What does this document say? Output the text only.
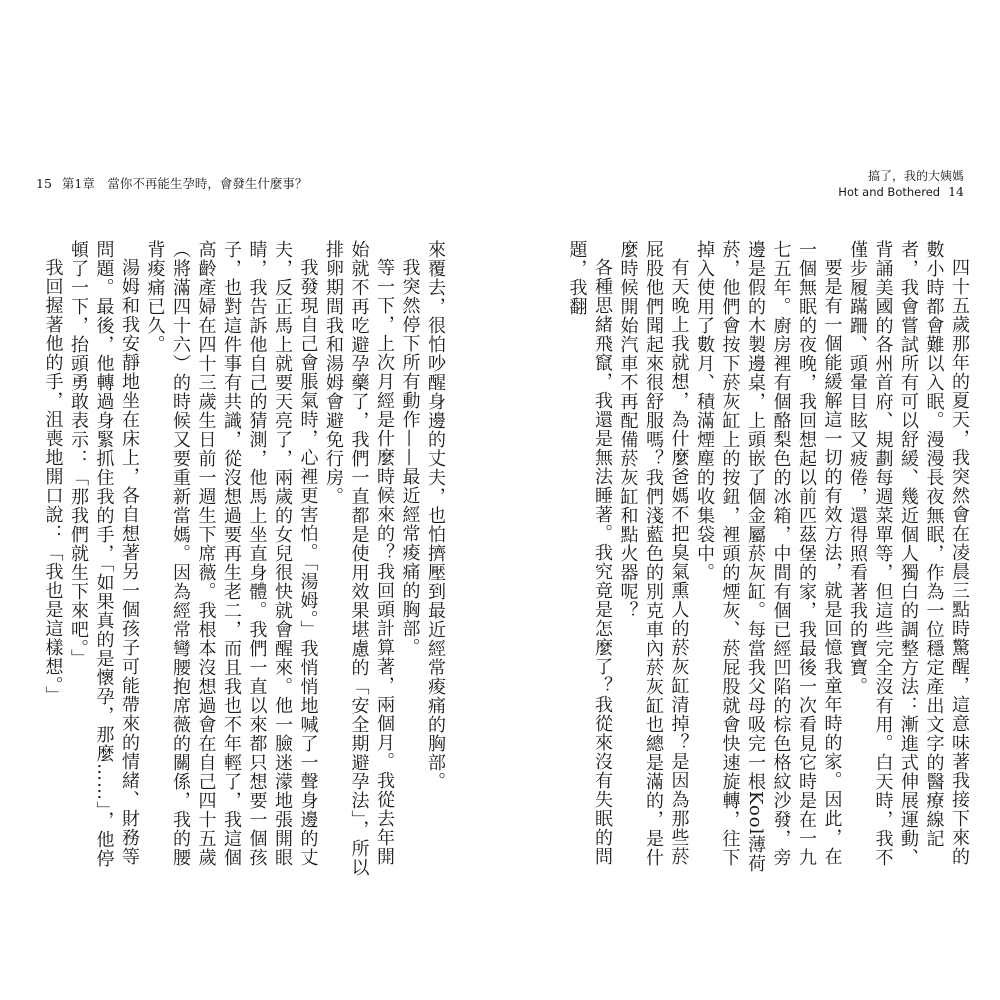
搞了，我的大姨媽
Hot and Bothered 14

四十五歲那年的夏天，我突然會在凌晨三點時驚醒，這意味著我接下來的數小時都會難以入眠。漫漫長夜無眠，作為一位穩定產出文字的醫療線記者，我會嘗試所有可以舒緩、幾近個人獨白的調整方法：漸進式伸展運動、背誦美國的各州首府、規劃每週菜單等，但這些完全沒有用。白天時，我不僅步履蹣跚、頭暈目眩又疲倦，還得照看著我的寶寶。

要是有一個能緩解這一切的有效方法，就是回憶我童年時的家。因此，在一個無眠的夜晚，我回想起以前匹茲堡的家，我最後一次看見它時是在一九七五年。廚房裡有個酪梨色的冰箱，中間有個已經凹陷的棕色格紋沙發，旁邊是假的木製邊桌，上頭嵌了個金屬菸灰缸。每當我父母吸完一根Kool薄荷菸，他們會按下菸灰缸上的按鈕，裡頭的煙灰、菸屁股就會快速旋轉，往下掉入使用了數月、積滿煙塵的收集袋中。

有天晚上我就想，為什麼爸媽不把臭氣熏人的菸灰缸清掉？是因為那些菸屁股他們聞起來很舒服嗎？我們淺藍色的別克車內菸灰缸也總是滿的，是什麼時候開始汽車不再配備菸灰缸和點火器呢？

各種思緒飛竄，我還是無法睡著。我究竟是怎麼了？我從來沒有失眠的問題，我翻

15 第1章　當你不再能生孕時，會發生什麼事？

來覆去，很怕吵醒身邊的丈夫，也怕擠壓到最近經常痠痛的胸部。

我突然停下所有動作——最近經常痠痛的胸部。

等一下，上次月經是什麼時候來的？我回頭計算著，兩個月。我從去年開始就不再吃避孕藥了，我們一直都是使用效果堪慮的「安全期避孕法」，所以排卵期間我和湯姆會避免行房。

我發現自己會脹氣時，心裡更害怕。「湯姆。」我悄悄地喊了一聲身邊的丈夫，反正馬上就要天亮了，兩歲的女兒很快就會醒來。他一臉迷濛地張開眼睛，我告訴他自己的猜測，他馬上坐直身體。我們一直以來都只想要一個孩子，也對這件事有共識，從沒想過要再生老二，而且我也不年輕了，我這個高齡產婦在四十三歲生日前一週生下席薇。我根本沒想過會在自己四十五歲（將滿四十六）的時候又要重新當媽。因為經常彎腰抱席薇的關係，我的腰背痠痛已久。

湯姆和我安靜地坐在床上，各自想著另一個孩子可能帶來的情緒、財務等問題。最後，他轉過身緊抓住我的手，「如果真的是懷孕，那麼……」，他停頓了一下，抬頭勇敢表示：「那我們就生下來吧。」

我回握著他的手，沮喪地開口說：「我也是這樣想。」
